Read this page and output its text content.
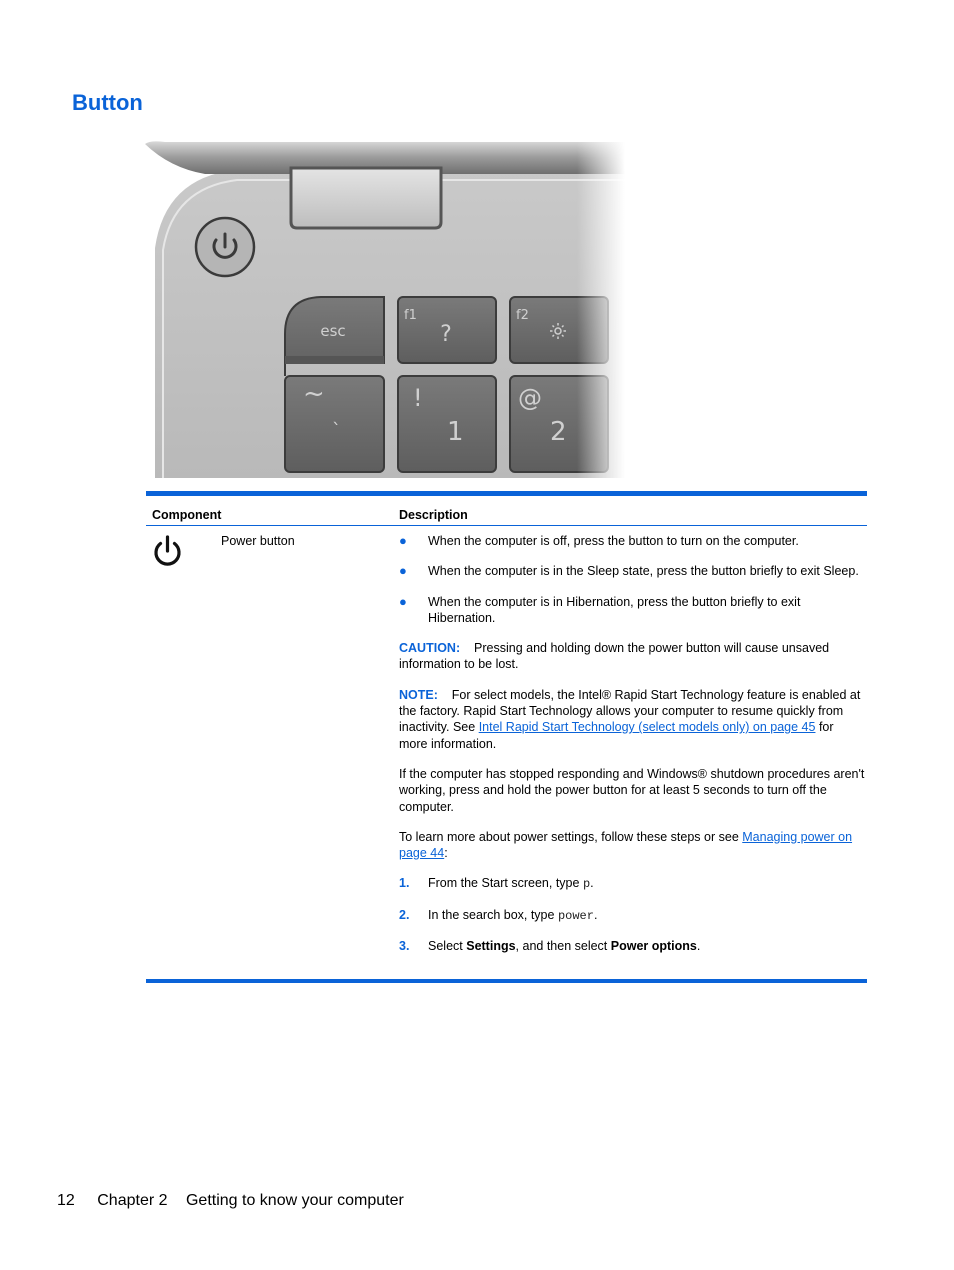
Button
Component	Description
Power button	● When the computer is off, press the button to turn on the computer.
● When the computer is in the Sleep state, press the button briefly to exit Sleep.
● When the computer is in Hibernation, press the button briefly to exit Hibernation.

CAUTION: Pressing and holding down the power button will cause unsaved information to be lost.

NOTE: For select models, the Intel® Rapid Start Technology feature is enabled at the factory. Rapid Start Technology allows your computer to resume quickly from inactivity. See Intel Rapid Start Technology (select models only) on page 45 for more information.

If the computer has stopped responding and Windows® shutdown procedures aren't working, press and hold the power button for at least 5 seconds to turn off the computer.

To learn more about power settings, follow these steps or see Managing power on page 44:

1. From the Start screen, type p.
2. In the search box, type power.
3. Select Settings, and then select Power options.
12 Chapter 2 Getting to know your computer
